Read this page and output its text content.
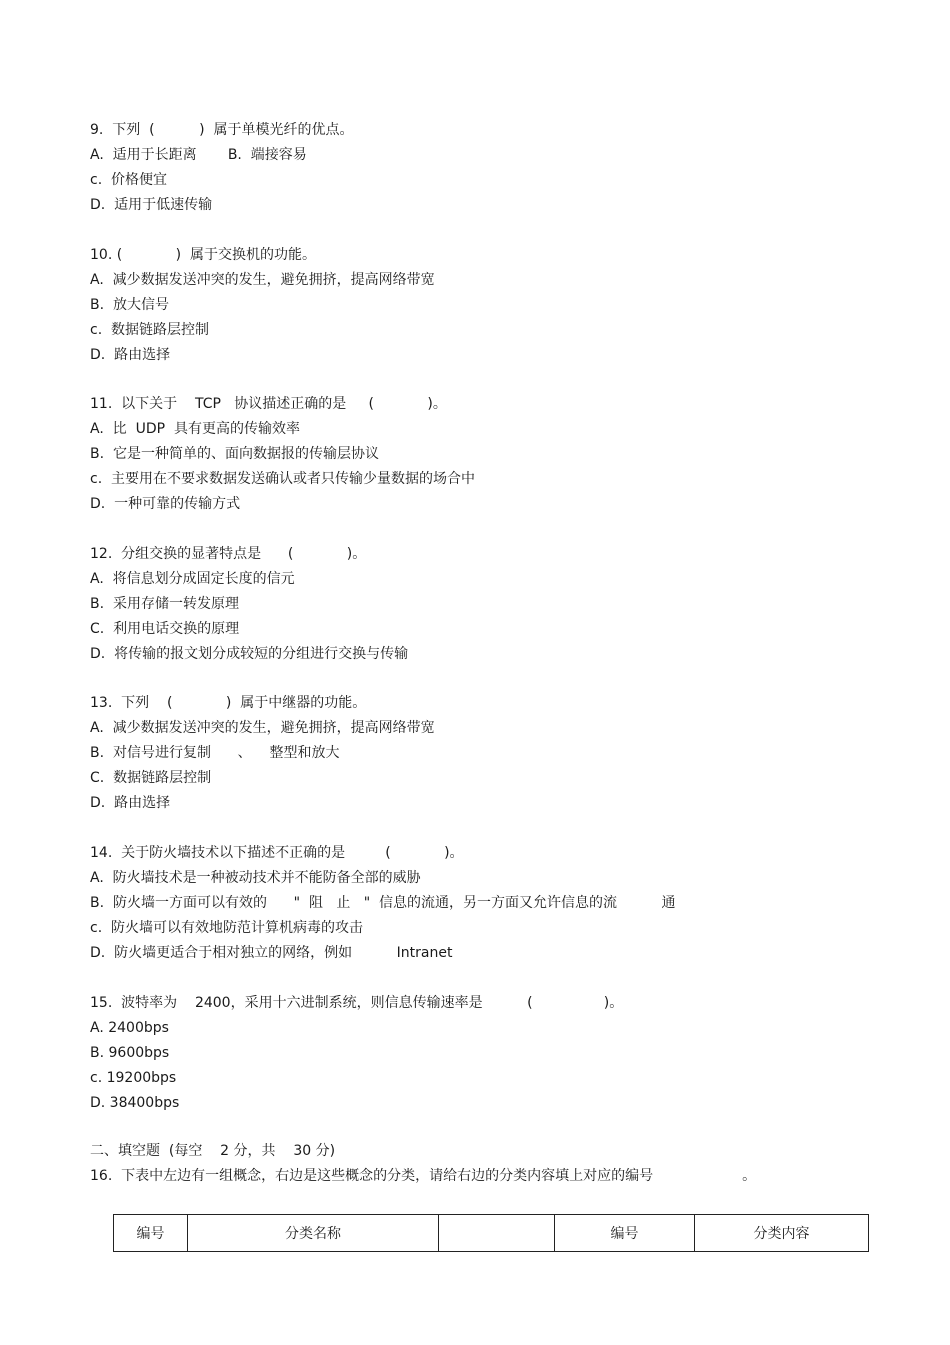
9.  下列  (          )  属于单模光纤的优点。
A.  适用于长距离       B.  端接容易
c.  价格便宜
D.  适用于低速传输
10. (            )  属于交换机的功能。
A.  减少数据发送冲突的发生，避免拥挤，提高网络带宽
B.  放大信号
c.  数据链路层控制
D.  路由选择
11.  以下关于    TCP   协议描述正确的是     (            )。
A.  比  UDP  具有更高的传输效率
B.  它是一种简单的、面向数据报的传输层协议
c.  主要用在不要求数据发送确认或者只传输少量数据的场合中
D.  一种可靠的传输方式
12.  分组交换的显著特点是      (            )。
A.  将信息划分成固定长度的信元
B.  采用存储一转发原理
C.  利用电话交换的原理
D.  将传输的报文划分成较短的分组进行交换与传输
13.  下列    (            )  属于中继器的功能。
A.  减少数据发送冲突的发生，避免拥挤，提高网络带宽
B.  对信号进行复制      、    整型和放大
C.  数据链路层控制
D.  路由选择
14.  关于防火墙技术以下描述不正确的是         (            )。
A.  防火墙技术是一种被动技术并不能防备全部的威胁
B.  防火墙一方面可以有效的      "  阻   止   "  信息的流通，另一方面又允许信息的流          通
c.  防火墙可以有效地防范计算机病毒的攻击
D.  防火墙更适合于相对独立的网络，例如          Intranet
15.  波特率为    2400，采用十六进制系统，则信息传输速率是          (                )。
A. 2400bps
B. 9600bps
c. 19200bps
D. 38400bps
二、填空题  (每空    2 分，共    30 分)
16.  下表中左边有一组概念，右边是这些概念的分类，请给右边的分类内容填上对应的编号                    。
编号	分类名称		编号	分类内容
